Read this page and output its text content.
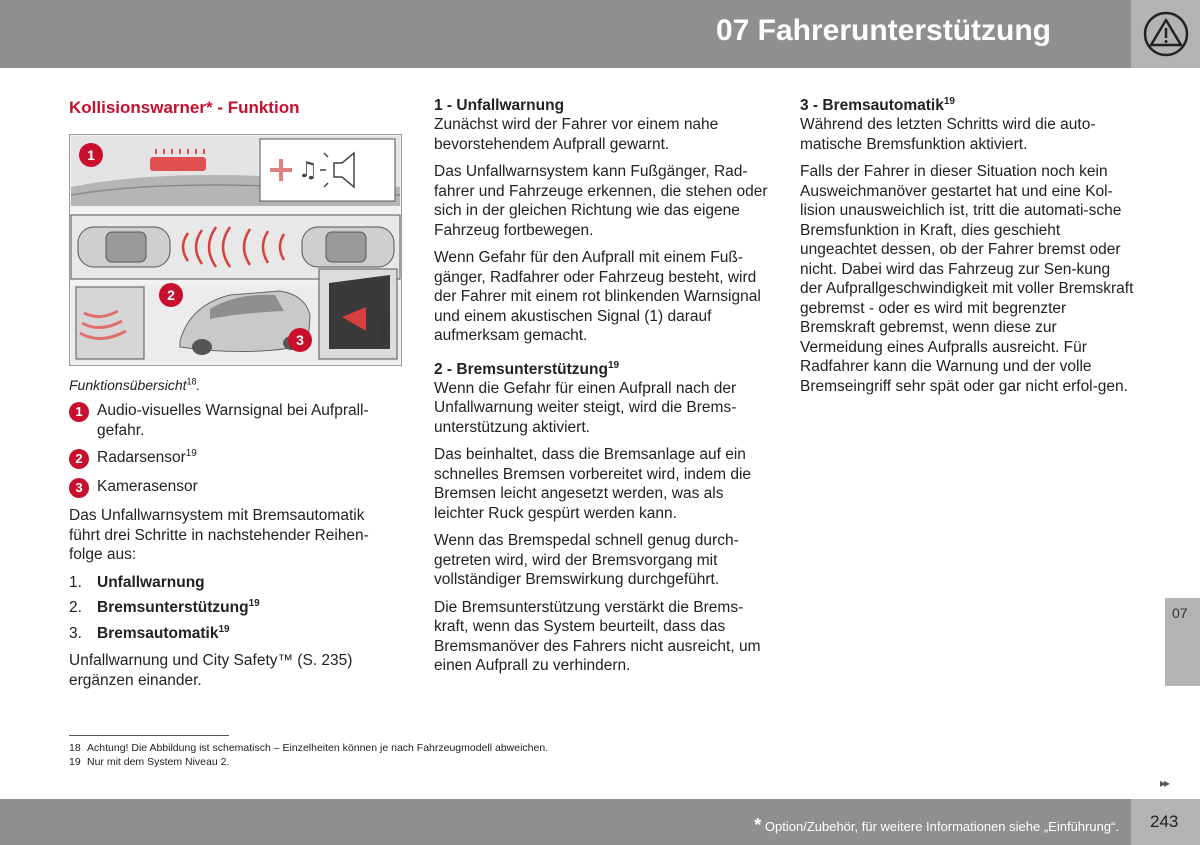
07 Fahrerunterstützung
Kollisionswarner* - Funktion
♫
G045079
1
2
3
Funktionsübersicht$^{18}$.
1 Audio-visuelles Warnsignal bei Aufprall-gefahr.
2 Radarsensor$^{19}$
3 Kamerasensor

Das Unfallwarnsystem mit Bremsautomatik führt drei Schritte in nachstehender Reihen-folge aus:

1. Unfallwarnung
2. Bremsunterstützung$^{19}$
3. Bremsautomatik$^{19}$

Unfallwarnung und City Safety™ (S. 235) ergänzen einander.

1 - Unfallwarnung

Zunächst wird der Fahrer vor einem nahe bevorstehendem Aufprall gewarnt.

Das Unfallwarnsystem kann Fußgänger, Rad-fahrer und Fahrzeuge erkennen, die stehen oder sich in der gleichen Richtung wie das eigene Fahrzeug fortbewegen.

Wenn Gefahr für den Aufprall mit einem Fuß-gänger, Radfahrer oder Fahrzeug besteht, wird der Fahrer mit einem rot blinkenden Warnsignal und einem akustischen Signal (1) darauf aufmerksam gemacht.

2 - Bremsunterstützung$^{19}$

Wenn die Gefahr für einen Aufprall nach der Unfallwarnung weiter steigt, wird die Brems-unterstützung aktiviert.

Das beinhaltet, dass die Bremsanlage auf ein schnelles Bremsen vorbereitet wird, indem die Bremsen leicht angesetzt werden, was als leichter Ruck gespürt werden kann.

Wenn das Bremspedal schnell genug durch-getreten wird, wird der Bremsvorgang mit vollständiger Bremswirkung durchgeführt.

Die Bremsunterstützung verstärkt die Brems-kraft, wenn das System beurteilt, dass das Bremsmanöver des Fahrers nicht ausreicht, um einen Aufprall zu verhindern.

3 - Bremsautomatik$^{19}$

Während des letzten Schritts wird die auto-matische Bremsfunktion aktiviert.

Falls der Fahrer in dieser Situation noch kein Ausweichmanöver gestartet hat und eine Kol-lision unausweichlich ist, tritt die automati-sche Bremsfunktion in Kraft, dies geschieht ungeachtet dessen, ob der Fahrer bremst oder nicht. Dabei wird das Fahrzeug zur Sen-kung der Aufprallgeschwindigkeit mit voller Bremskraft gebremst - oder es wird mit begrenzter Bremskraft gebremst, wenn diese zur Vermeidung eines Aufpralls ausreicht. Für Radfahrer kann die Warnung und der volle Bremseingriff sehr spät oder gar nicht erfol-gen.

18 Achtung! Die Abbildung ist schematisch – Einzelheiten können je nach Fahrzeugmodell abweichen.
19 Nur mit dem System Niveau 2.
07
▸▸
* Option/Zubehör, für weitere Informationen siehe „Einführung“. 243
